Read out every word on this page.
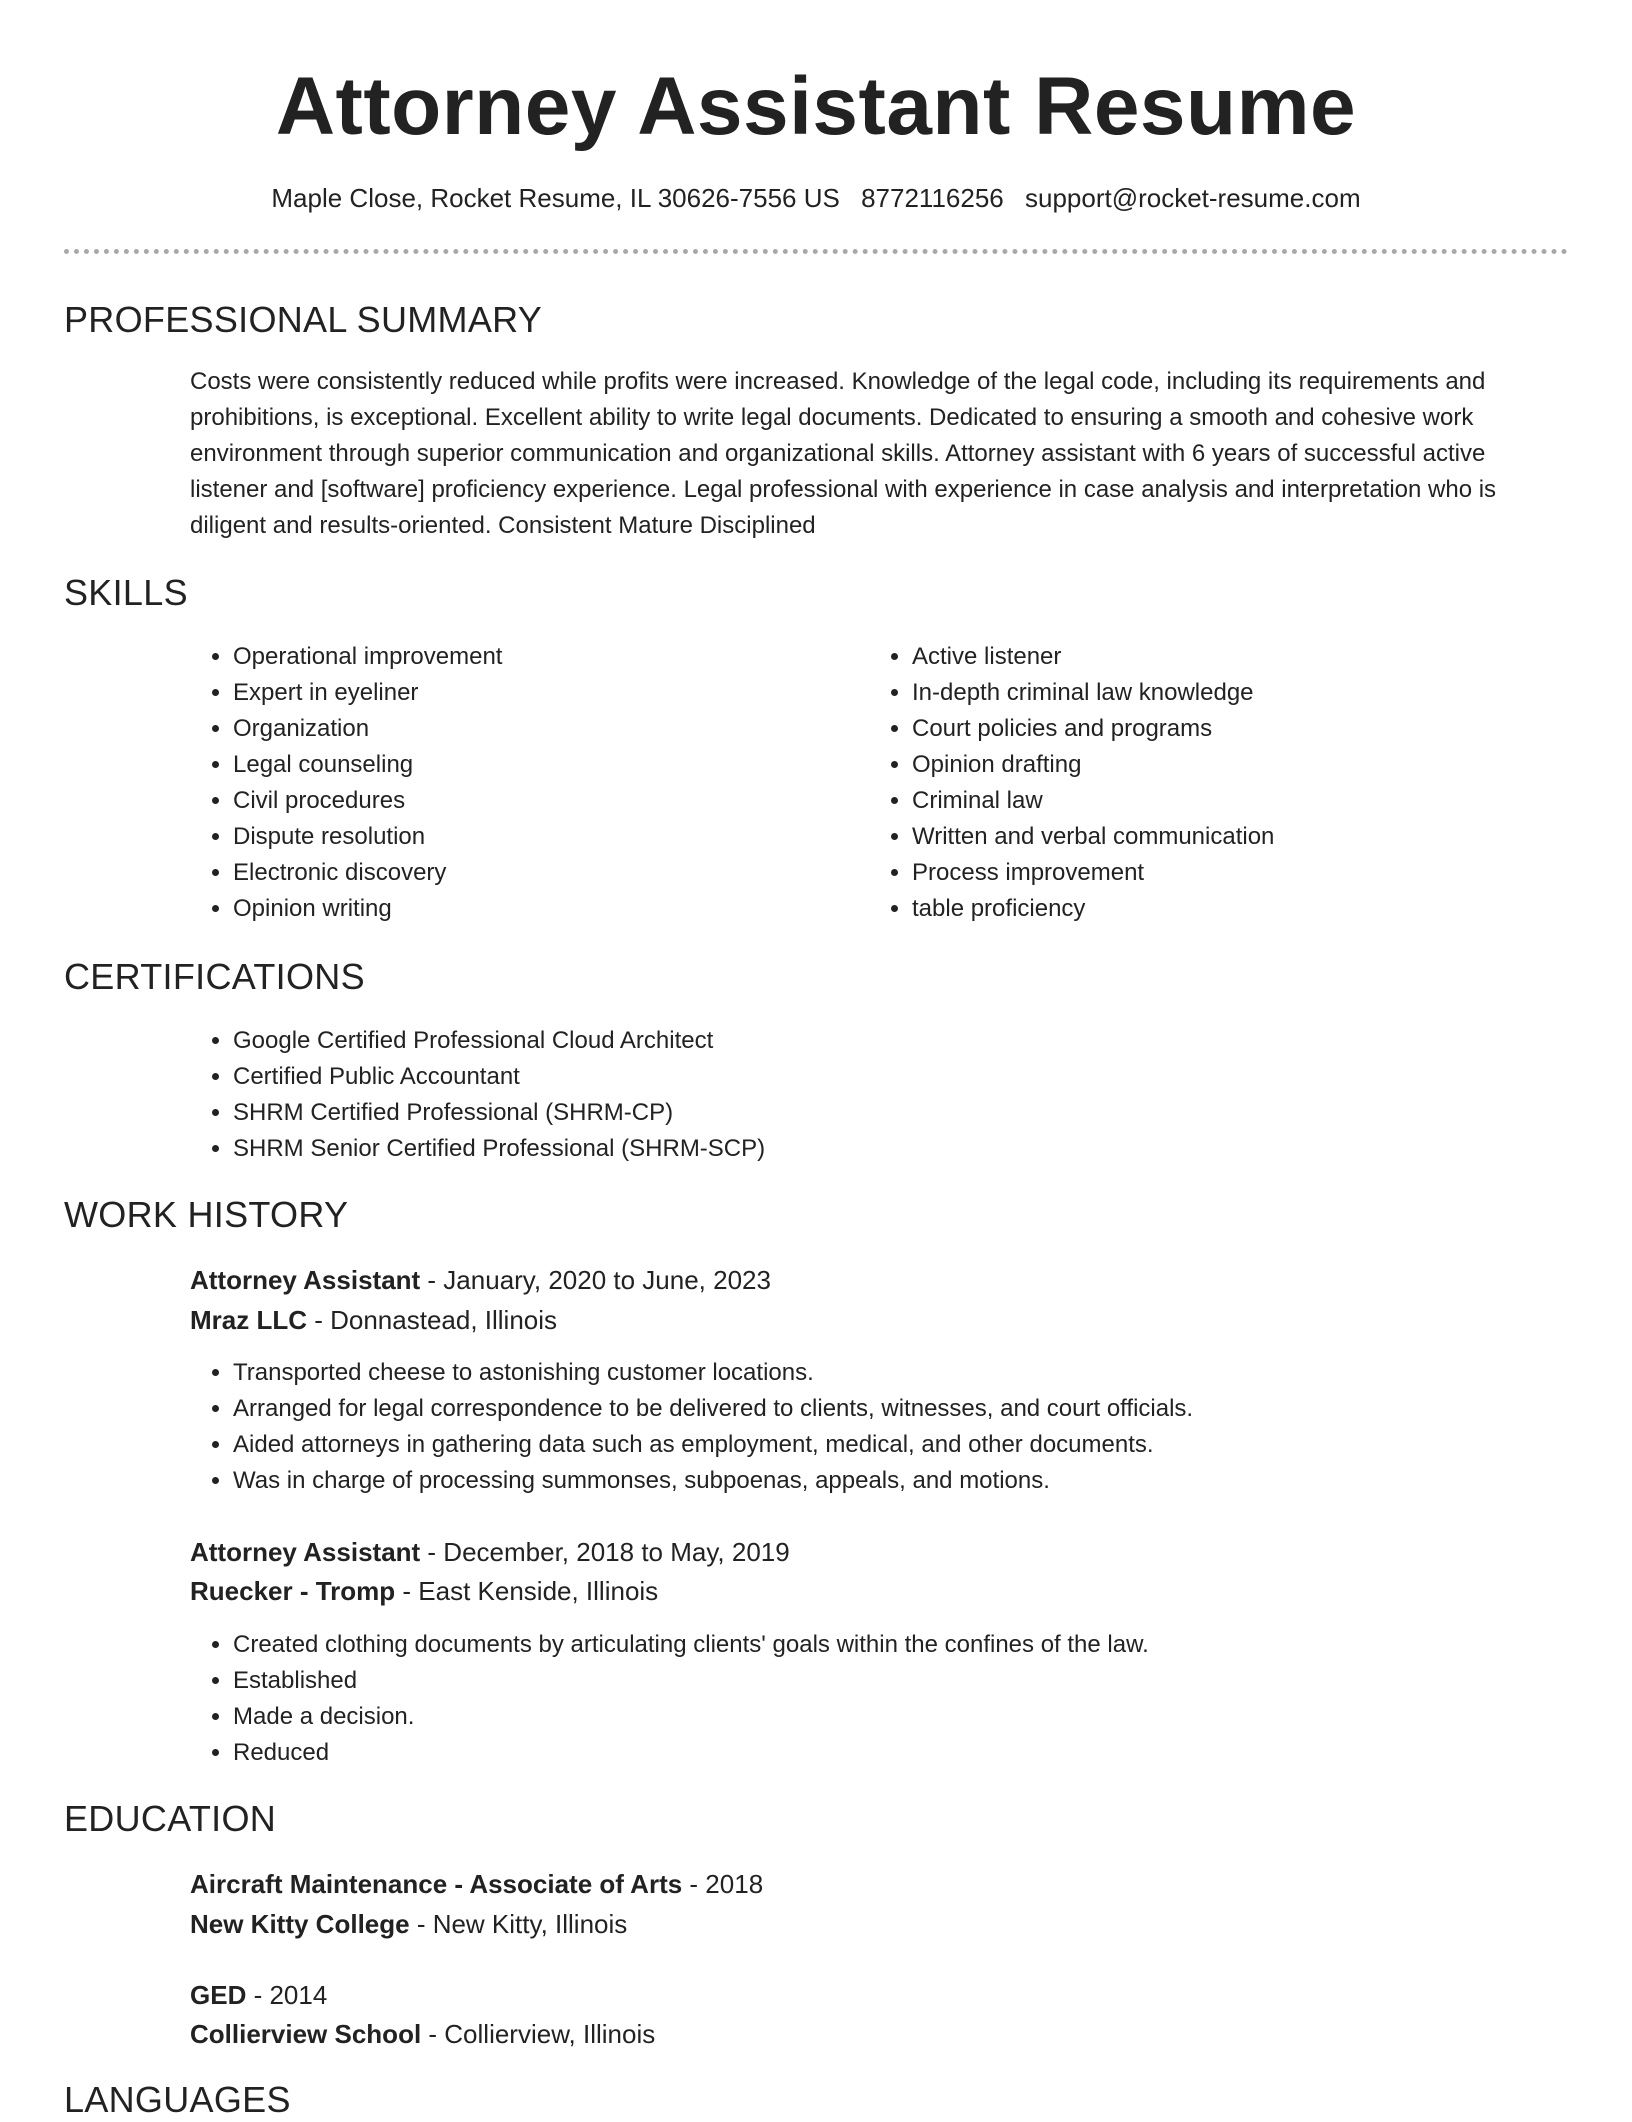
Attorney Assistant Resume
Maple Close, Rocket Resume, IL 30626-7556 US 8772116256 support@rocket-resume.com
PROFESSIONAL SUMMARY
Costs were consistently reduced while profits were increased. Knowledge of the legal code, including its requirements and prohibitions, is exceptional. Excellent ability to write legal documents. Dedicated to ensuring a smooth and cohesive work environment through superior communication and organizational skills. Attorney assistant with 6 years of successful active listener and [software] proficiency experience. Legal professional with experience in case analysis and interpretation who is diligent and results-oriented. Consistent Mature Disciplined
SKILLS
• Operational improvement
• Expert in eyeliner
• Organization
• Legal counseling
• Civil procedures
• Dispute resolution
• Electronic discovery
• Opinion writing
• Active listener
• In-depth criminal law knowledge
• Court policies and programs
• Opinion drafting
• Criminal law
• Written and verbal communication
• Process improvement
• table proficiency
CERTIFICATIONS
• Google Certified Professional Cloud Architect
• Certified Public Accountant
• SHRM Certified Professional (SHRM-CP)
• SHRM Senior Certified Professional (SHRM-SCP)
WORK HISTORY
Attorney Assistant - January, 2020 to June, 2023
Mraz LLC - Donnastead, Illinois
• Transported cheese to astonishing customer locations.
• Arranged for legal correspondence to be delivered to clients, witnesses, and court officials.
• Aided attorneys in gathering data such as employment, medical, and other documents.
• Was in charge of processing summonses, subpoenas, appeals, and motions.
Attorney Assistant - December, 2018 to May, 2019
Ruecker - Tromp - East Kenside, Illinois
• Created clothing documents by articulating clients' goals within the confines of the law.
• Established
• Made a decision.
• Reduced
EDUCATION
Aircraft Maintenance - Associate of Arts - 2018
New Kitty College - New Kitty, Illinois
GED - 2014
Collierview School - Collierview, Illinois
LANGUAGES
